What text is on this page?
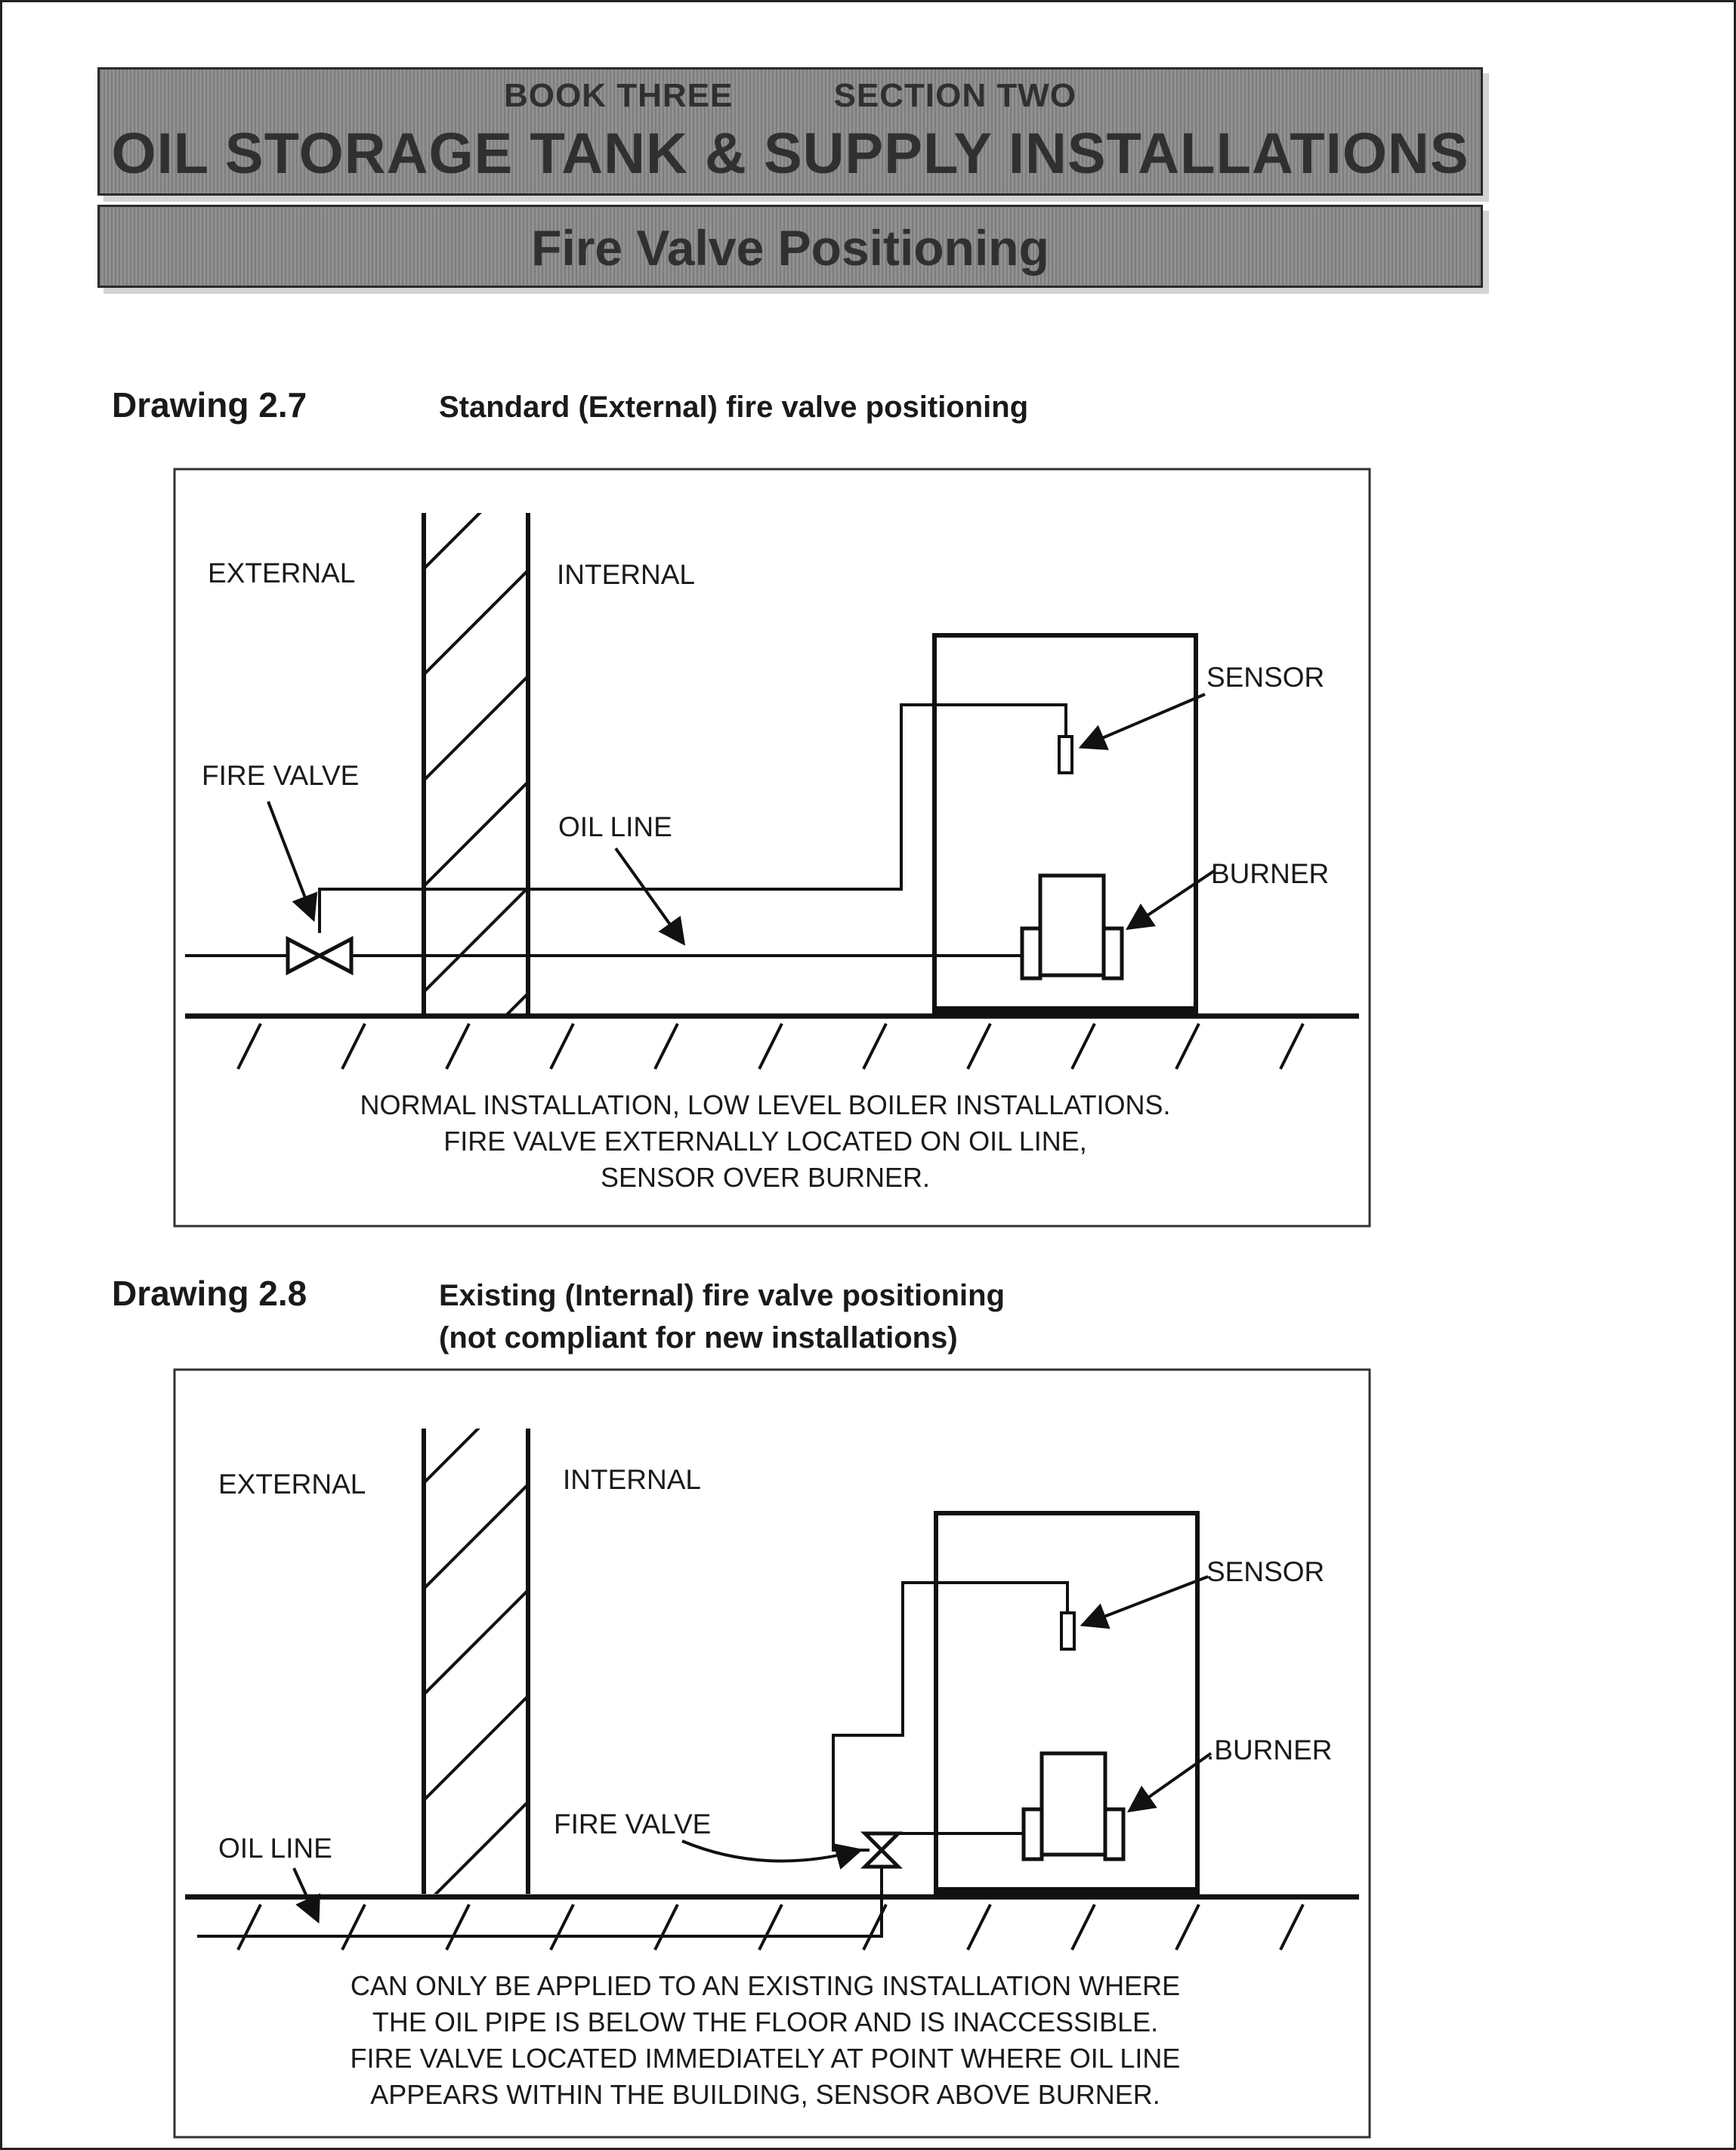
BOOK THREE	SECTION TWO
OIL STORAGE TANK & SUPPLY INSTALLATIONS
Fire Valve Positioning
Drawing 2.7	Standard (External) fire valve positioning
Drawing 2.8	Existing (Internal) fire valve positioning
(not compliant for new installations)
EXTERNAL	INTERNAL
FIRE VALVE
OIL LINE
SENSOR
BURNER
NORMAL INSTALLATION, LOW LEVEL BOILER INSTALLATIONS.
FIRE VALVE EXTERNALLY LOCATED ON OIL LINE,
SENSOR OVER BURNER.
EXTERNAL	INTERNAL
FIRE VALVE
OIL LINE
SENSOR
.BURNER
CAN ONLY BE APPLIED TO AN EXISTING INSTALLATION WHERE
THE OIL PIPE IS BELOW THE FLOOR AND IS INACCESSIBLE.
FIRE VALVE LOCATED IMMEDIATELY AT POINT WHERE OIL LINE
APPEARS WITHIN THE BUILDING, SENSOR ABOVE BURNER.
